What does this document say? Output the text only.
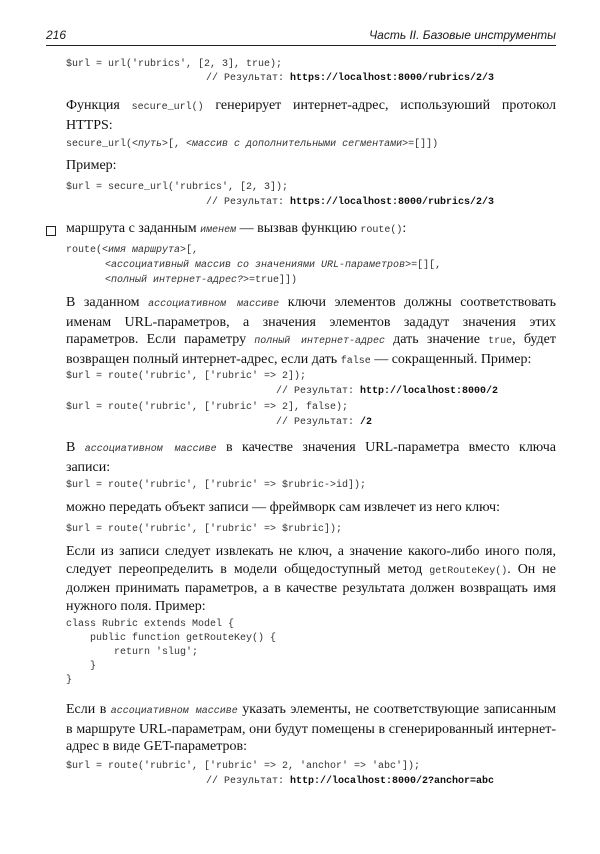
216	Часть II. Базовые инструменты
$url = url('rubrics', [2, 3], true);
// Результат: https://localhost:8000/rubrics/2/3
Функция secure_url() генерирует интернет-адрес, используюший протокол HTTPS:
secure_url(<путь>[, <массив с дополнительными сегментами>=[]])
Пример:
$url = secure_url('rubrics', [2, 3]);
// Результат: https://localhost:8000/rubrics/2/3
маршрута с заданным именем — вызвав функцию route():
route(<имя маршрута>[,
<ассоциативный массив со значениями URL-параметров>=[][,
<полный интернет-адрес?>=true]])
В заданном ассоциативном массиве ключи элементов должны соответствовать именам URL-параметров, а значения элементов зададут значения этих параметров. Если параметру полный интернет-адрес дать значение true, будет возвращен полный интернет-адрес, если дать false — сокращенный. Пример:
$url = route('rubric', ['rubric' => 2]);
// Результат: http://localhost:8000/2
$url = route('rubric', ['rubric' => 2], false);
// Результат: /2
В ассоциативном массиве в качестве значения URL-параметра вместо ключа записи:
$url = route('rubric', ['rubric' => $rubric->id]);
можно передать объект записи — фреймворк сам извлечет из него ключ:
$url = route('rubric', ['rubric' => $rubric]);
Если из записи следует извлекать не ключ, а значение какого-либо иного поля, следует переопределить в модели общедоступный метод getRouteKey(). Он не должен принимать параметров, а в качестве результата должен возвращать имя нужного поля. Пример:
class Rubric extends Model {
public function getRouteKey() {
return 'slug';
}
}
Если в ассоциативном массиве указать элементы, не соответствующие записанным в маршруте URL-параметрам, они будут помещены в сгенерированный интернет-адрес в виде GET-параметров:
$url = route('rubric', ['rubric' => 2, 'anchor' => 'abc']);
// Результат: http://localhost:8000/2?anchor=abc
